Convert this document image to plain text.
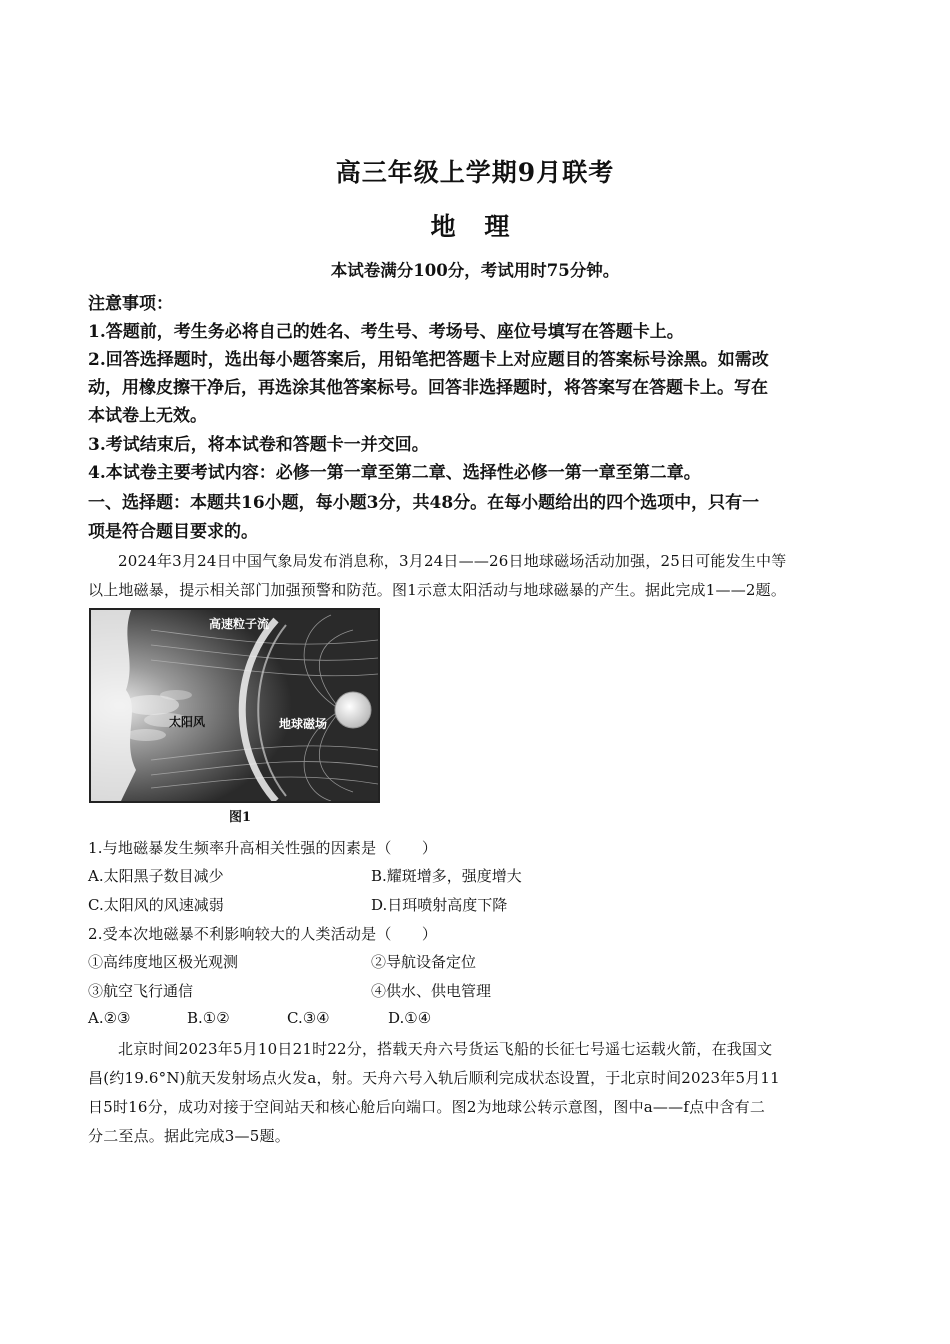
高三年级上学期9月联考
地 理
本试卷满分100分，考试用时75分钟。
注意事项：
1.答题前，考生务必将自己的姓名、考生号、考场号、座位号填写在答题卡上。
2.回答选择题时，选出每小题答案后，用铅笔把答题卡上对应题目的答案标号涂黑。如需改
动，用橡皮擦干净后，再选涂其他答案标号。回答非选择题时，将答案写在答题卡上。写在
本试卷上无效。
3.考试结束后，将本试卷和答题卡一并交回。
4.本试卷主要考试内容：必修一第一章至第二章、选择性必修一第一章至第二章。
一、选择题：本题共16小题，每小题3分，共48分。在每小题给出的四个选项中，只有一
项是符合题目要求的。
2024年3月24日中国气象局发布消息称，3月24日——26日地球磁场活动加强，25日可能发生中等
以上地磁暴，提示相关部门加强预警和防范。图1示意太阳活动与地球磁暴的产生。据此完成1——2题。
高速粒子流
太阳风	地球磁场
图1
1.与地磁暴发生频率升高相关性强的因素是（　　）
A.太阳黑子数目减少	B.耀斑增多，强度增大
C.太阳风的风速减弱	D.日珥喷射高度下降
2.受本次地磁暴不利影响较大的人类活动是（　　）
①高纬度地区极光观测	②导航设备定位
③航空飞行通信	④供水、供电管理
A.②③	B.①②	C.③④	D.①④
北京时间2023年5月10日21时22分，搭载天舟六号货运飞船的长征七号遥七运载火箭，在我国文
昌(约19.6°N)航天发射场点火发a，射。天舟六号入轨后顺利完成状态设置，于北京时间2023年5月11
日5时16分，成功对接于空间站天和核心舱后向端口。图2为地球公转示意图，图中a——f点中含有二
分二至点。据此完成3—5题。
